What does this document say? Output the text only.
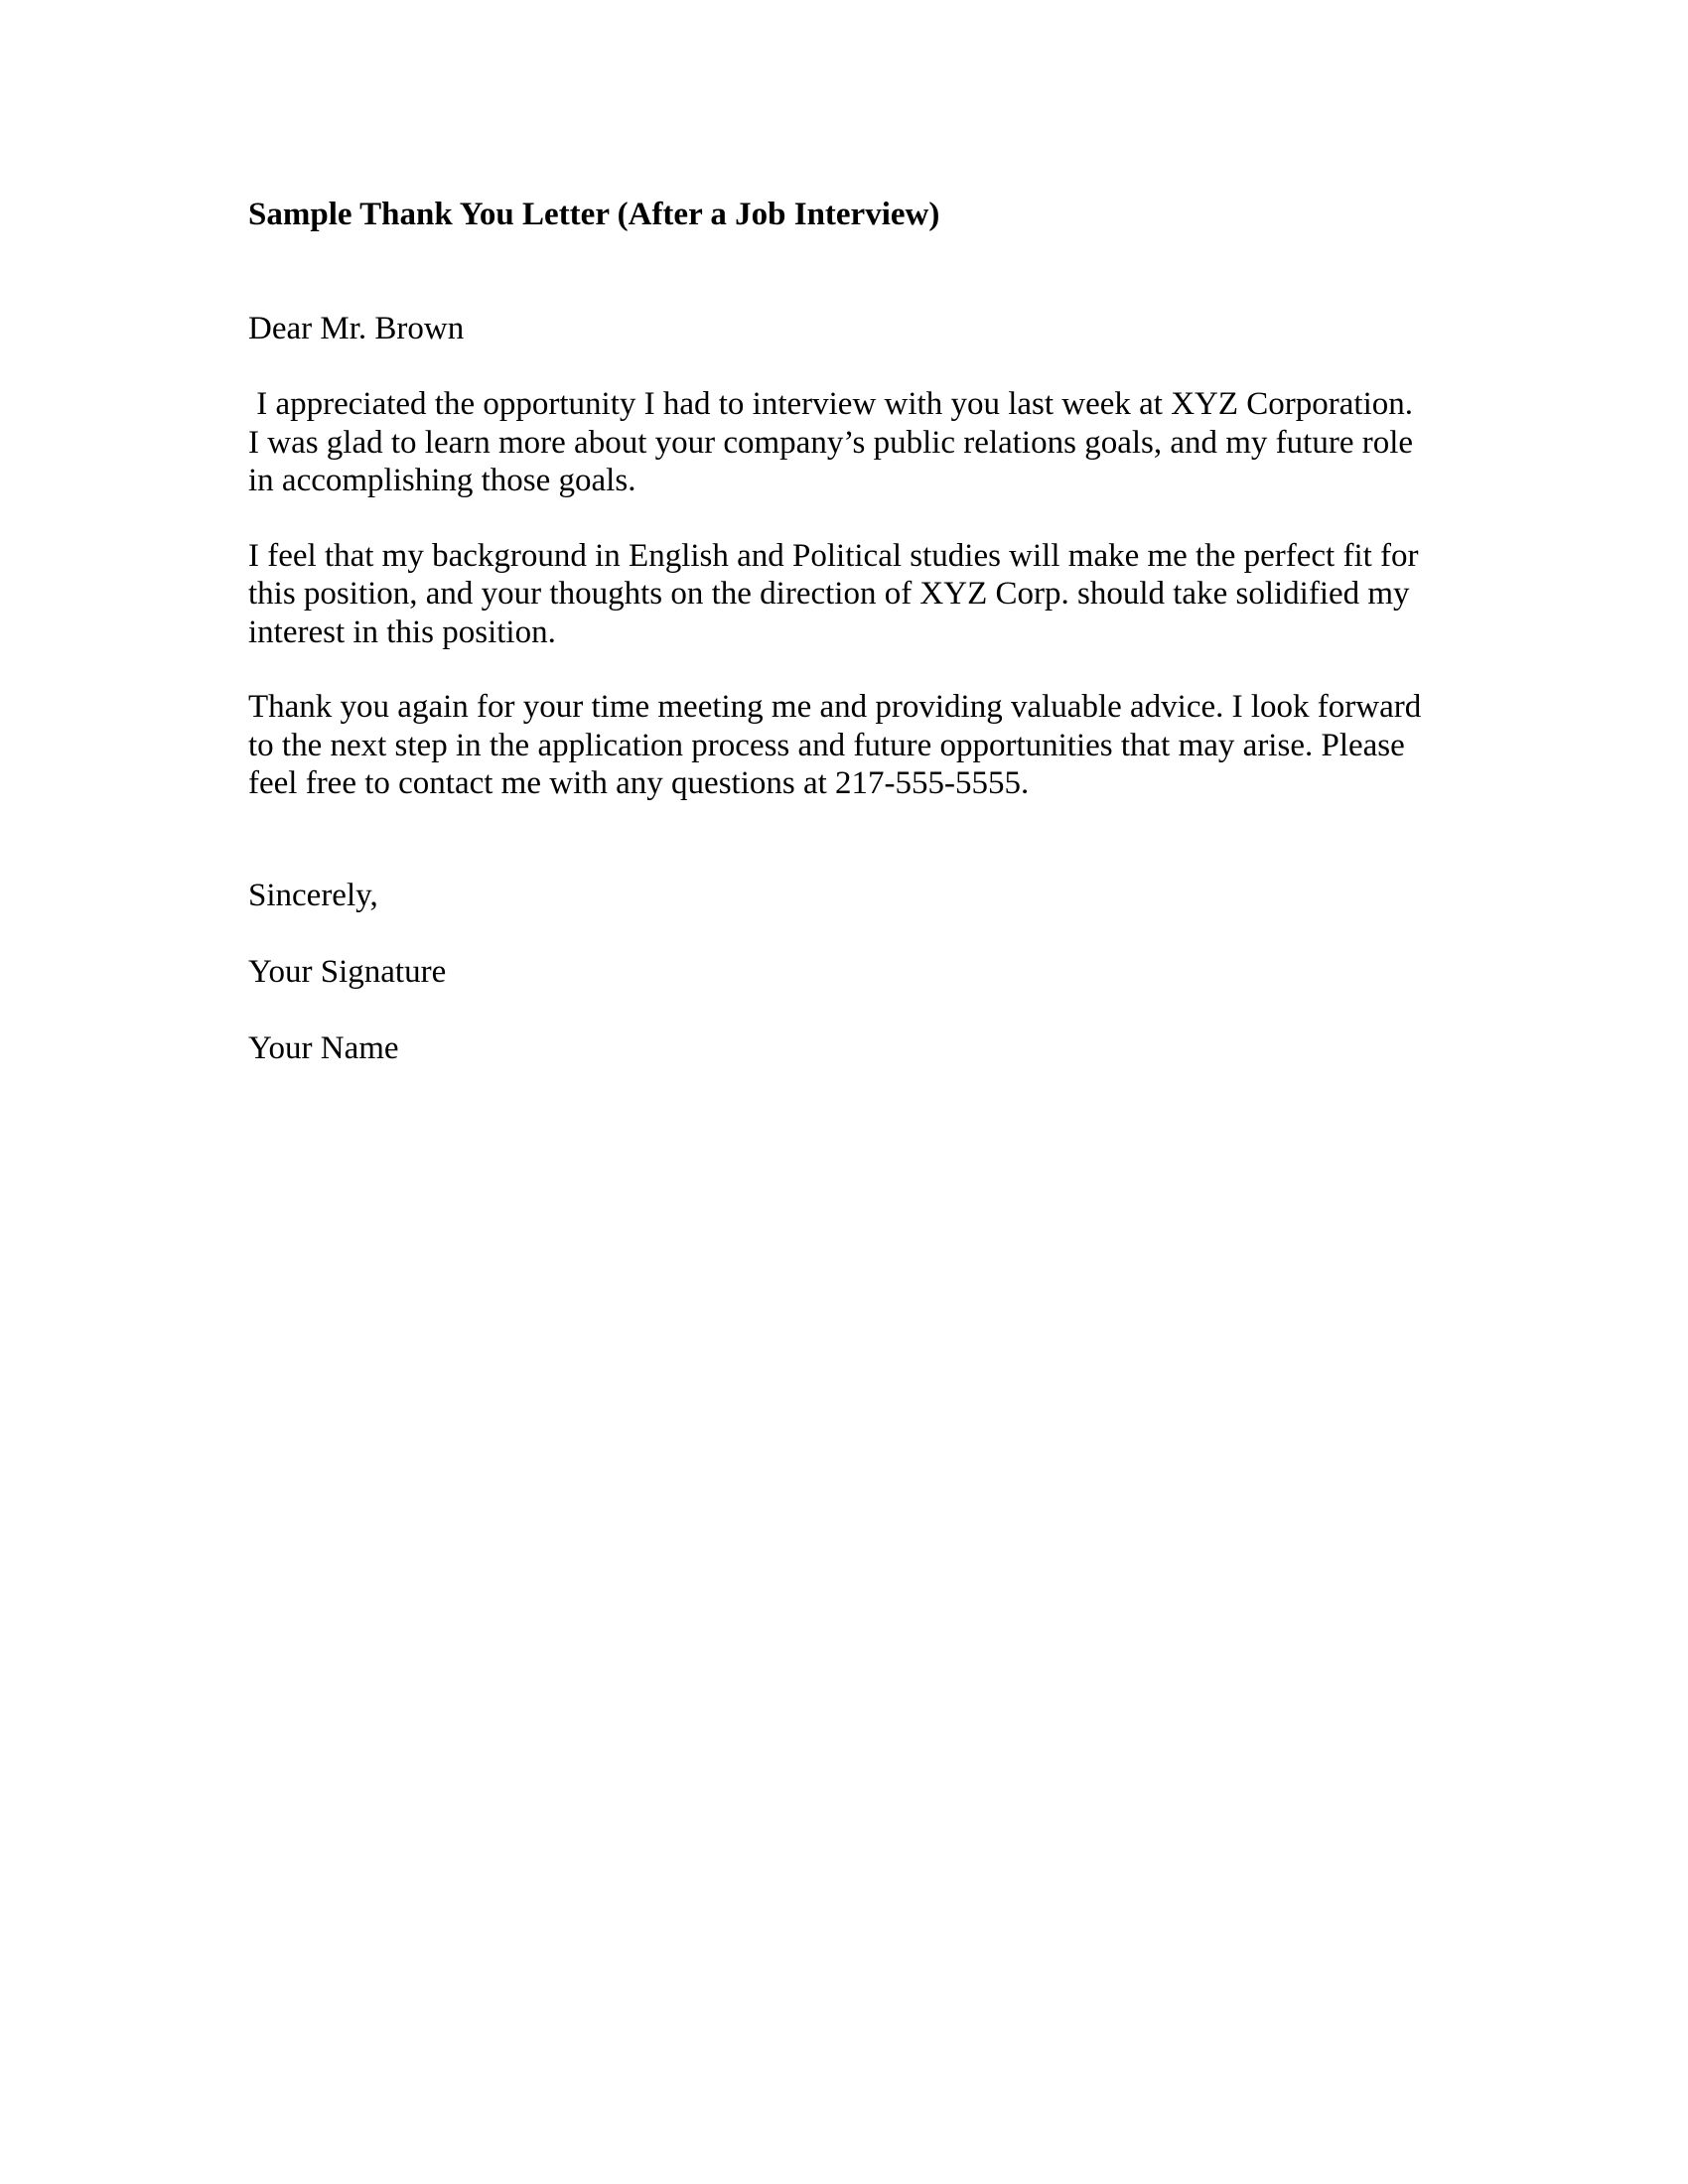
Sample Thank You Letter (After a Job Interview)

Dear Mr. Brown

I appreciated the opportunity I had to interview with you last week at XYZ Corporation.
I was glad to learn more about your company’s public relations goals, and my future role
in accomplishing those goals.

I feel that my background in English and Political studies will make me the perfect fit for
this position, and your thoughts on the direction of XYZ Corp. should take solidified my
interest in this position.

Thank you again for your time meeting me and providing valuable advice. I look forward
to the next step in the application process and future opportunities that may arise. Please
feel free to contact me with any questions at 217-555-5555.

Sincerely,

Your Signature

Your Name
